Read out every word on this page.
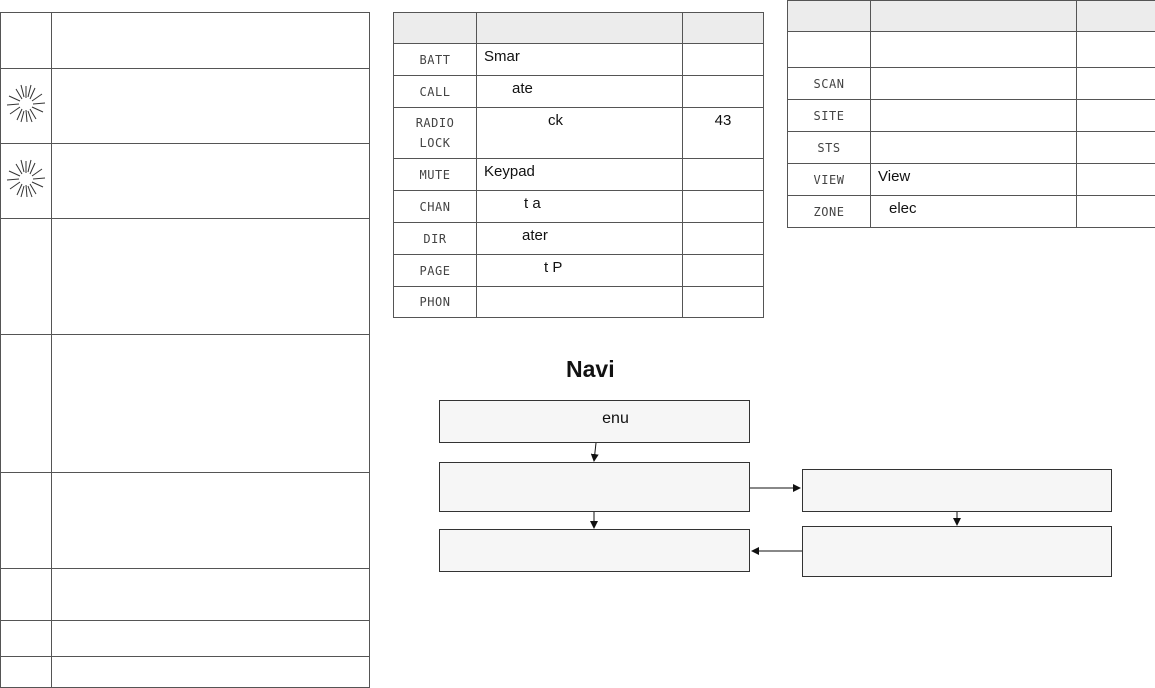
BATT	Smar	
CALL	ate	
RADIO LOCK	ck	43
MUTE	Keypad	
CHAN	t a	
DIR	ater	
PAGE	t P	
PHON		

SCAN		
SITE		
STS		
VIEW	View	
ZONE	elec	
Navi
enu
